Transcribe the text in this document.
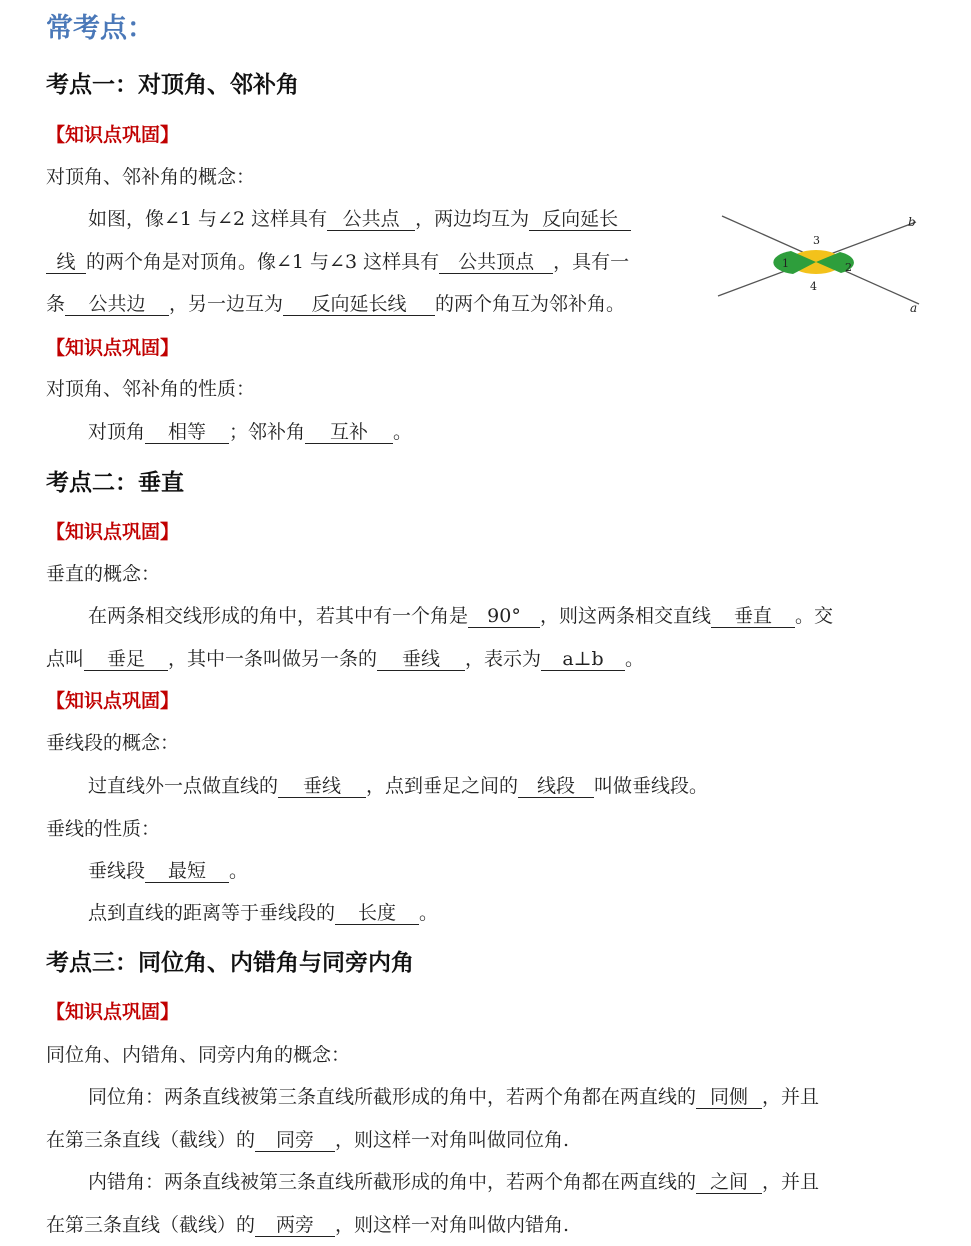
常考点：
考点一：对顶角、邻补角
【知识点巩固】
对顶角、邻补角的概念：
如图，像∠1 与∠2 这样具有 公共点 ，两边均互为 反向延长
线 的两个角是对顶角。像∠1 与∠3 这样具有 公共顶点 ，具有一
条 公共边 ，另一边互为 反向延长线 的两个角互为邻补角。
1	2
3
4
b
a
【知识点巩固】
对顶角、邻补角的性质：
对顶角 相等 ；邻补角 互补 。
考点二：垂直
【知识点巩固】
垂直的概念：
在两条相交线形成的角中，若其中有一个角是 90° ，则这两条相交直线 垂直 。交
点叫 垂足 ，其中一条叫做另一条的 垂线 ，表示为 a⊥b 。
【知识点巩固】
垂线段的概念：
过直线外一点做直线的 垂线 ，点到垂足之间的 线段 叫做垂线段。
垂线的性质：
垂线段 最短 。
点到直线的距离等于垂线段的 长度 。
考点三：同位角、内错角与同旁内角
【知识点巩固】
同位角、内错角、同旁内角的概念：
同位角：两条直线被第三条直线所截形成的角中，若两个角都在两直线的 同侧 ，并且
在第三条直线（截线）的 同旁 ，则这样一对角叫做同位角.
内错角：两条直线被第三条直线所截形成的角中，若两个角都在两直线的 之间 ，并且
在第三条直线（截线）的 两旁 ，则这样一对角叫做内错角.
